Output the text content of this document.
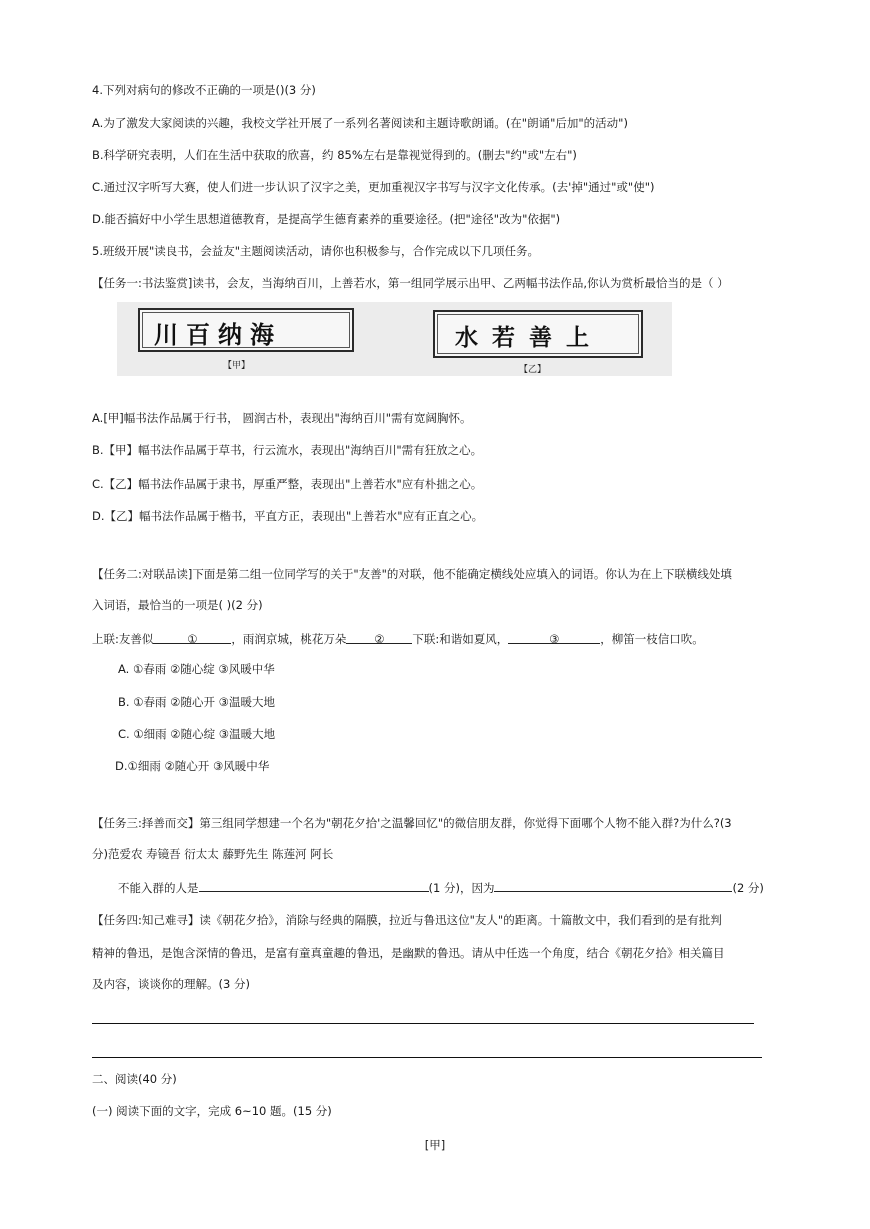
4.下列对病句的修改不正确的一项是()(3 分)
A.为了激发大家阅读的兴趣，我校文学社开展了一系列名著阅读和主题诗歌朗诵。(在"朗诵"后加"的活动")
B.科学研究表明，人们在生活中获取的欣喜，约 85%左右是靠视觉得到的。(删去"约"或"左右")
C.通过汉字听写大赛，使人们进一步认识了汉字之美，更加重视汉字书写与汉字文化传承。(去'掉"通过"或"使")
D.能否搞好中小学生思想道德教育，是提高学生德育素养的重要途径。(把"途径"改为"依据")
5.班级开展"读良书，会益友"主题阅读活动，请你也积极参与，合作完成以下几项任务。
【任务一:书法鉴赏]读书，会友，当海纳百川，上善若水，第一组同学展示出甲、乙两幅书法作品,你认为赏析最恰当的是（ ）
川百纳海
【甲】
水若善上
【乙】
A.[甲]幅书法作品属于行书， 圆润古朴，表现出"海纳百川"需有宽阔胸怀。
B.【甲】幅书法作品属于草书，行云流水，表现出"海纳百川"需有狂放之心。
C.【乙】幅书法作品属于隶书，厚重严整，表现出"上善若水"应有朴拙之心。
D.【乙】幅书法作品属于楷书，平直方正，表现出"上善若水"应有正直之心。
【任务二:对联品读]下面是第二组一位同学写的关于"友善"的对联，他不能确定横线处应填入的词语。你认为在上下联横线处填
入词语，最恰当的一项是( )(2 分)
上联:友善似	①	，雨润京城，桃花万朵 ② 下联:和谐如夏风，	③	，柳笛一枝信口吹。
A. ①春雨 ②随心绽 ③风暖中华
B. ①春雨 ②随心开 ③温暖大地
C. ①细雨 ②随心绽 ③温暖大地
D.①细雨 ②随心开 ③风暖中华
【任务三:择善而交】第三组同学想建一个名为"朝花夕拾'之温馨回忆"的微信朋友群，你觉得下面哪个人物不能入群?为什么?(3
分)范爱农 寿镜吾 衍太太 藤野先生 陈莲河 阿长
不能入群的人是	(1 分)，因为	(2 分)
【任务四:知己难寻】读《朝花夕拾》，消除与经典的隔膜，拉近与鲁迅这位"友人"的距离。十篇散文中，我们看到的是有批判
精神的鲁迅，是饱含深情的鲁迅，是富有童真童趣的鲁迅，是幽默的鲁迅。请从中任选一个角度，结合《朝花夕拾》相关篇目
及内容，谈谈你的理解。(3 分)
二、阅读(40 分)
(一) 阅读下面的文字，完成 6~10 题。(15 分)
[甲]
